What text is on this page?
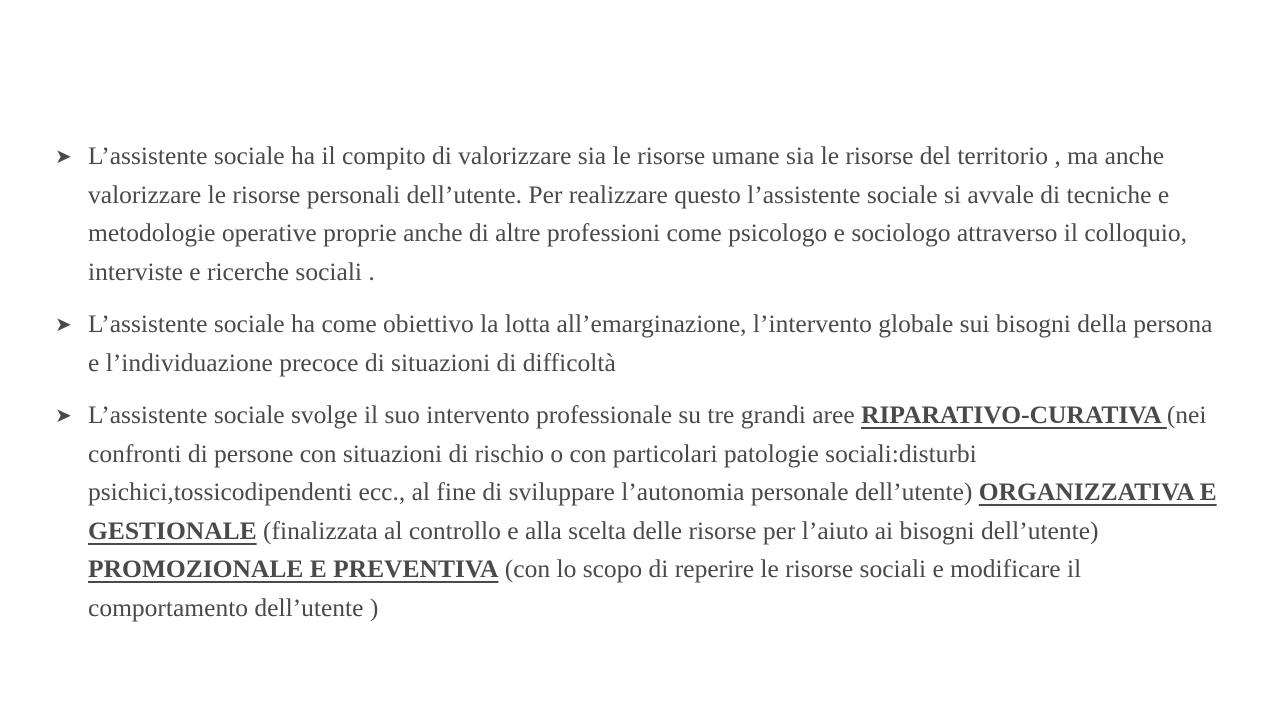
➤ L’assistente sociale ha il compito di valorizzare sia le risorse umane sia le risorse del territorio , ma anche valorizzare le risorse personali dell’utente. Per realizzare questo l’assistente sociale si avvale di tecniche e metodologie operative proprie anche di altre professioni come psicologo e sociologo attraverso il colloquio, interviste e ricerche sociali .
➤ L’assistente sociale ha come obiettivo la lotta all’emarginazione, l’intervento globale sui bisogni della persona e l’individuazione precoce di situazioni di difficoltà
➤ L’assistente sociale svolge il suo intervento professionale su tre grandi aree RIPARATIVO-CURATIVA (nei confronti di persone con situazioni di rischio o con particolari patologie sociali:disturbi psichici,tossicodipendenti ecc., al fine di sviluppare l’autonomia personale dell’utente) ORGANIZZATIVA E GESTIONALE (finalizzata al controllo e alla scelta delle risorse per l’aiuto ai bisogni dell’utente) PROMOZIONALE E PREVENTIVA (con lo scopo di reperire le risorse sociali e modificare il comportamento dell’utente )
